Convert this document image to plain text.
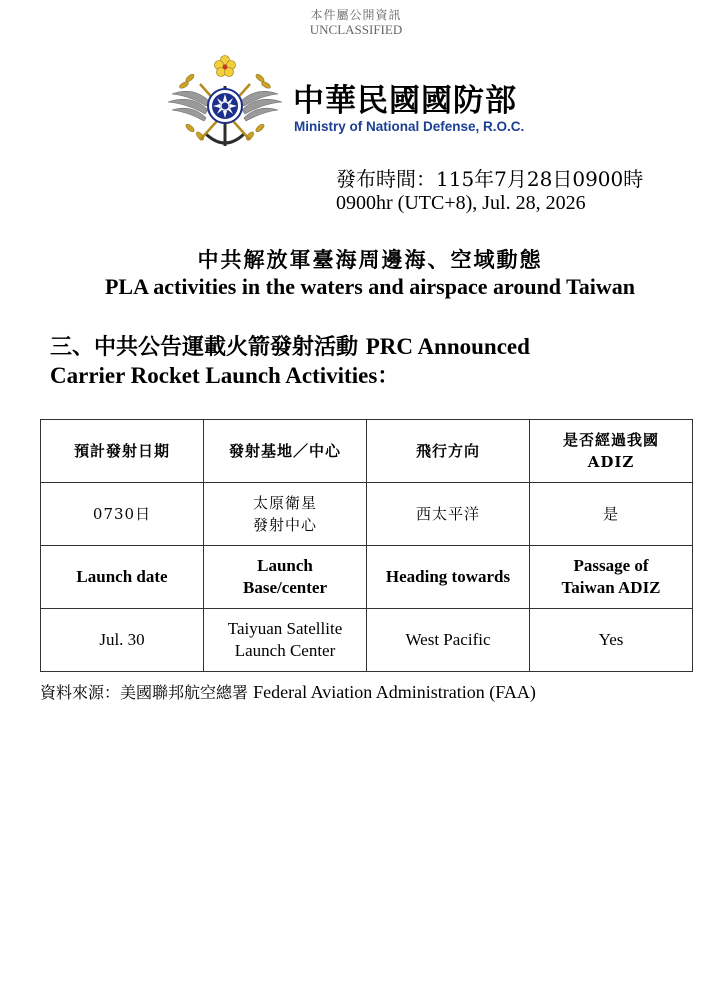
本件屬公開資訊
UNCLASSIFIED
中華民國國防部
Ministry of National Defense, R.O.C.
發布時間：115年7月28日0900時
0900hr (UTC+8), Jul. 28, 2026
中共解放軍臺海周邊海、空域動態
PLA activities in the waters and airspace around Taiwan
三、中共公告運載火箭發射活動 PRC Announced
Carrier Rocket Launch Activities：
預計發射日期	發射基地／中心	飛行方向	是否經過我國
ADIZ

0730日	太原衛星
發射中心	西太平洋	是
Launch date	Launch
Base/center	Heading towards	Passage of
Taiwan ADIZ

Jul. 30	Taiyuan Satellite
Launch Center	West Pacific	Yes
資料來源：美國聯邦航空總署 Federal Aviation Administration (FAA)
